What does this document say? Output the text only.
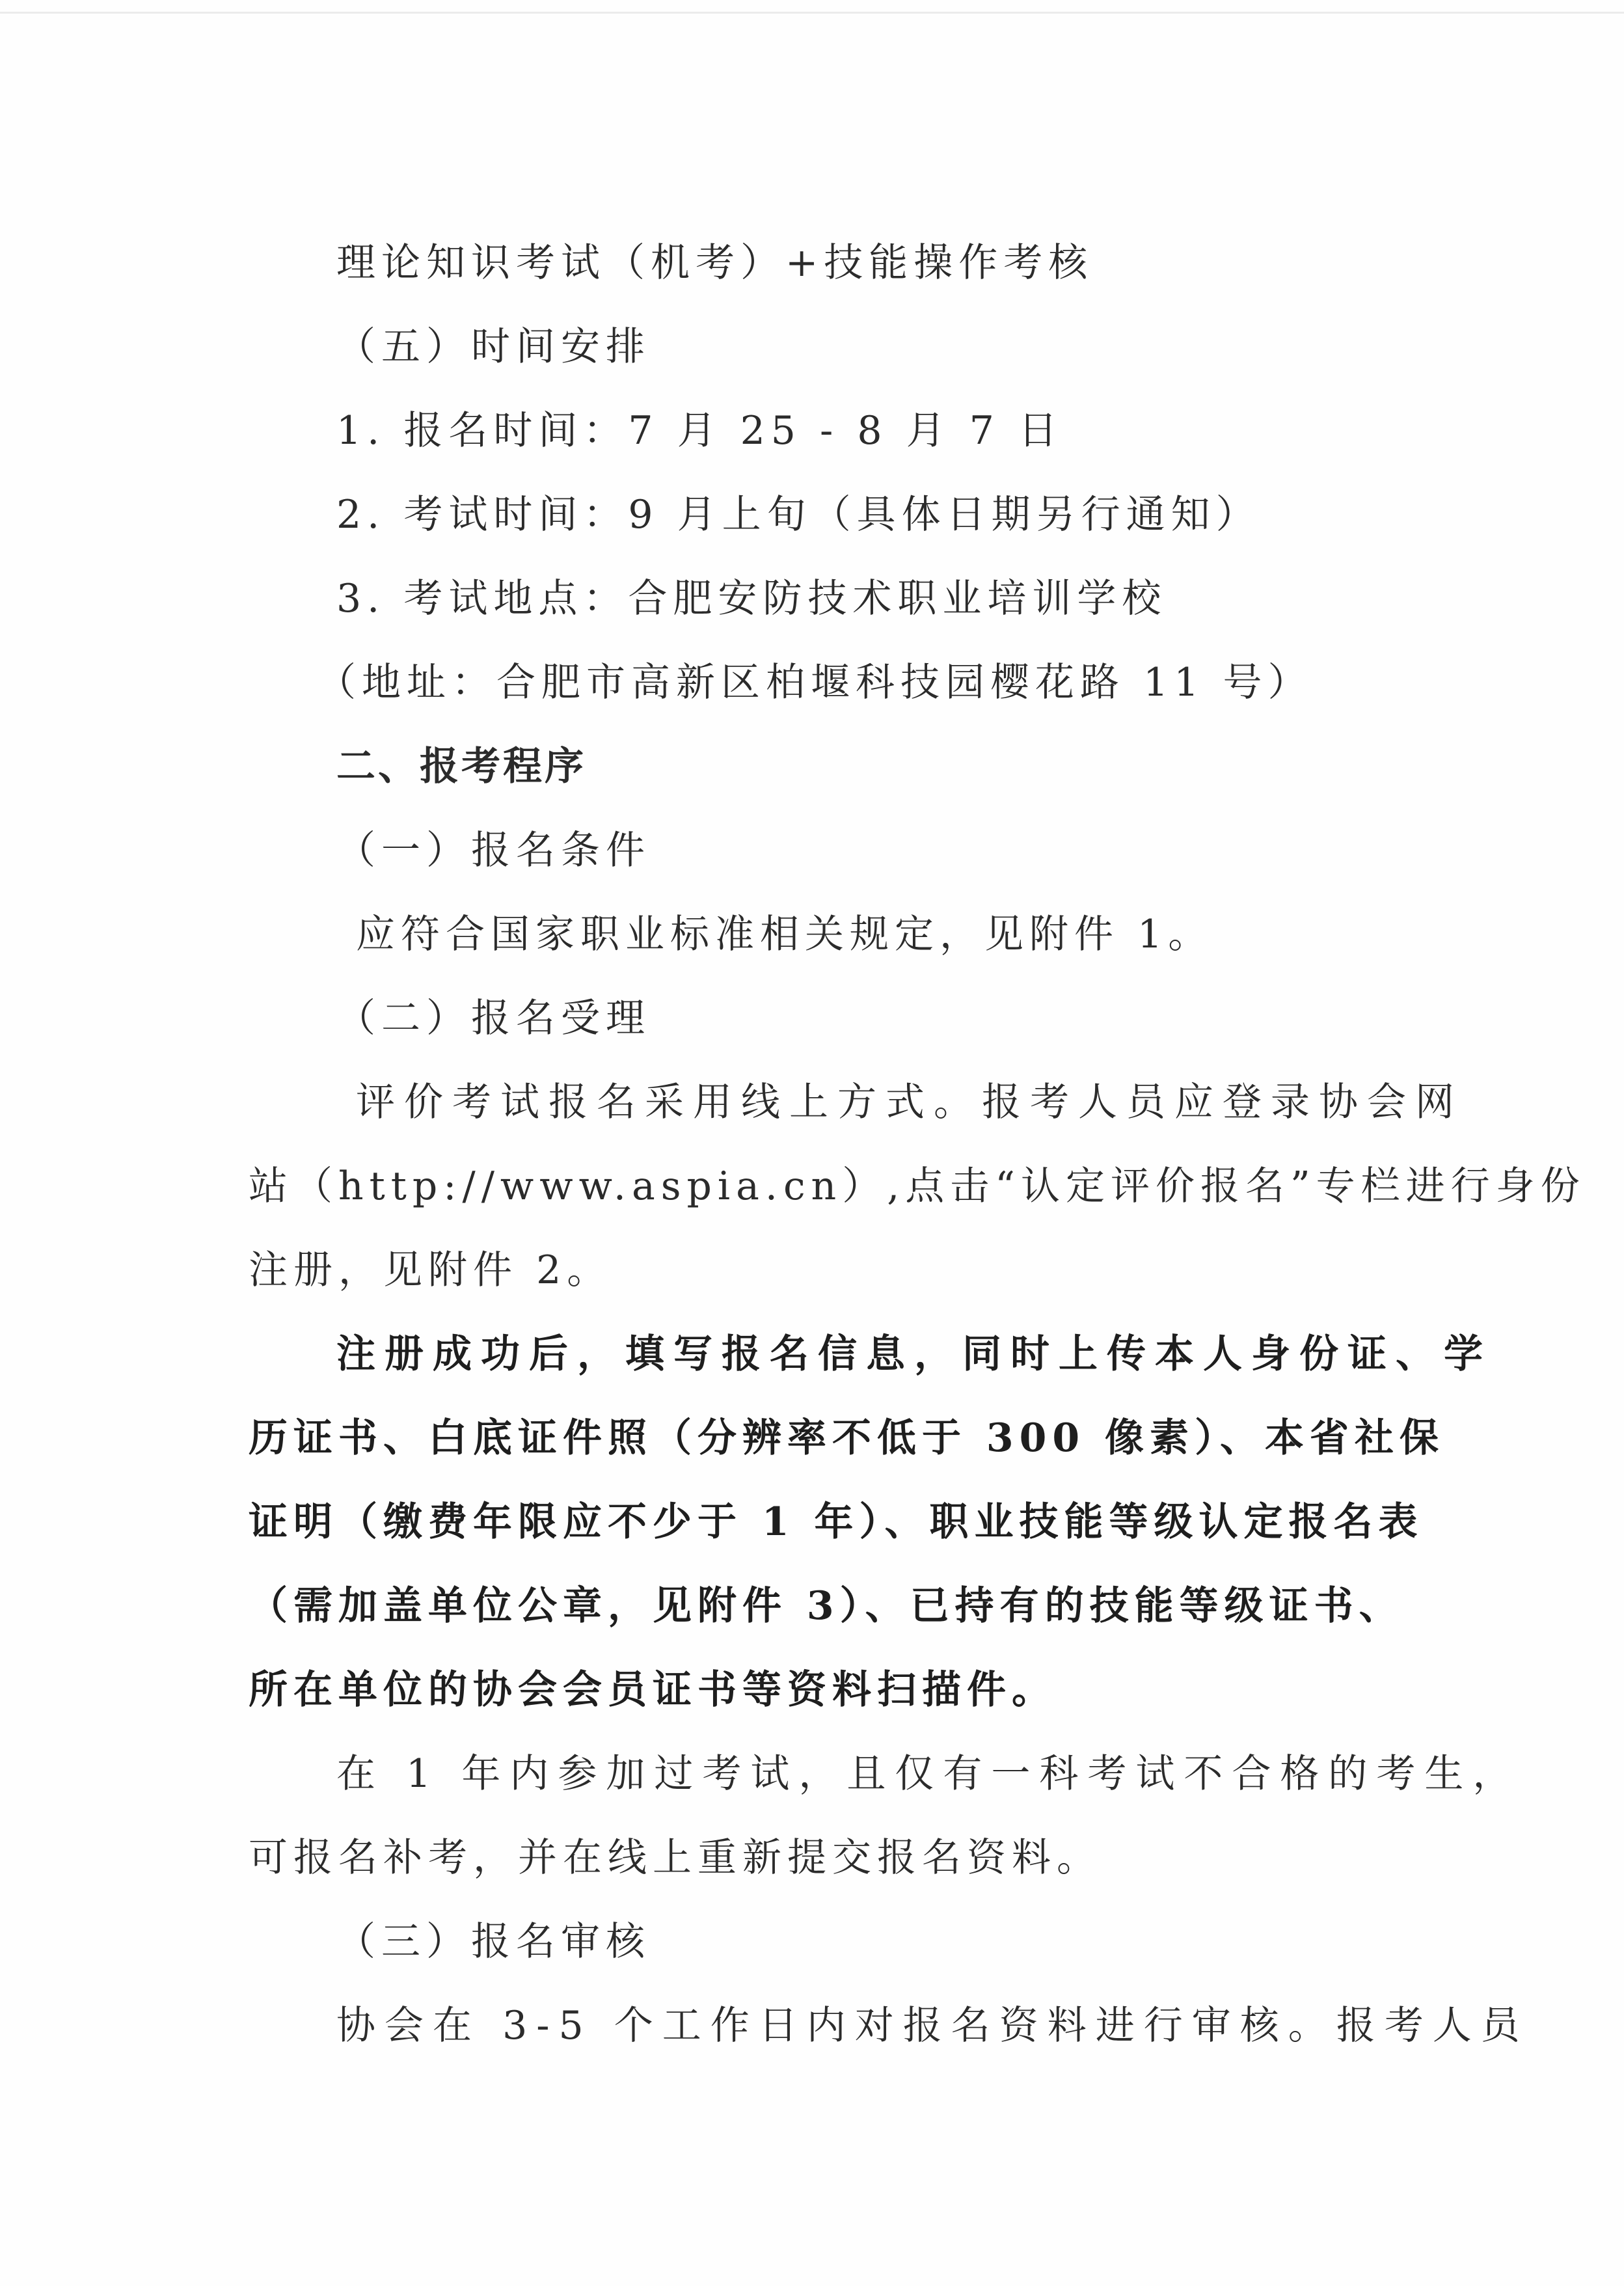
理论知识考试（机考）+技能操作考核
（五）时间安排
1. 报名时间：7 月 25 - 8 月 7 日
2. 考试时间：9 月上旬（具体日期另行通知）
3. 考试地点：合肥安防技术职业培训学校
（地址：合肥市高新区柏堰科技园樱花路 11 号）
二、报考程序
（一）报名条件
应符合国家职业标准相关规定，见附件 1。
（二）报名受理
评价考试报名采用线上方式。报考人员应登录协会网
站（http://www.aspia.cn）,点击“认定评价报名”专栏进行身份
注册，见附件 2。
注册成功后，填写报名信息，同时上传本人身份证、学
历证书、白底证件照（分辨率不低于 300 像素）、本省社保
证明（缴费年限应不少于 1 年）、职业技能等级认定报名表
（需加盖单位公章，见附件 3）、已持有的技能等级证书、
所在单位的协会会员证书等资料扫描件。
在 1 年内参加过考试，且仅有一科考试不合格的考生，
可报名补考，并在线上重新提交报名资料。
（三）报名审核
协会在 3-5 个工作日内对报名资料进行审核。报考人员
